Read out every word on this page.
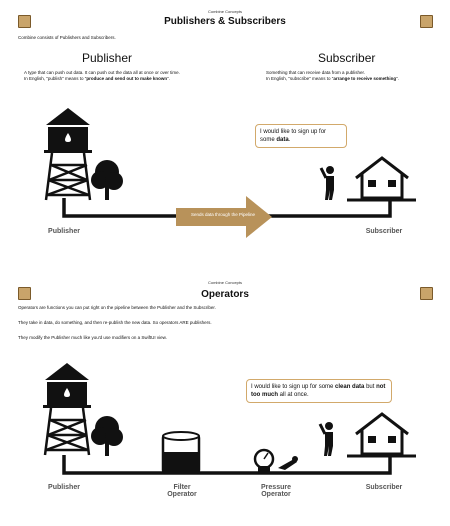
Combine Concepts
Publishers & Subscribers
Combine consists of Publishers and Subscribers.
Publisher	Subscriber
A type that can push out data. It can push out the data all at once or over time.
In English, "publish" means to "produce and send out to make known".
Something that can receive data from a publisher.
In English, "subscribe" means to "arrange to receive something".
I would like to sign up for some data.
Sends data through the Pipeline
Publisher	Subscriber
Combine Concepts
Operators
Operators are functions you can put right on the pipeline between the Publisher and the Subscriber.
They take in data, do something, and then re-publish the new data. So operators ARE publishers.
They modify the Publisher much like you'd use modifiers on a SwiftUI view.
I would like to sign up for some clean data but not too much all at once.
Publisher	Filter
Operator
Pressure
Operator
Subscriber
